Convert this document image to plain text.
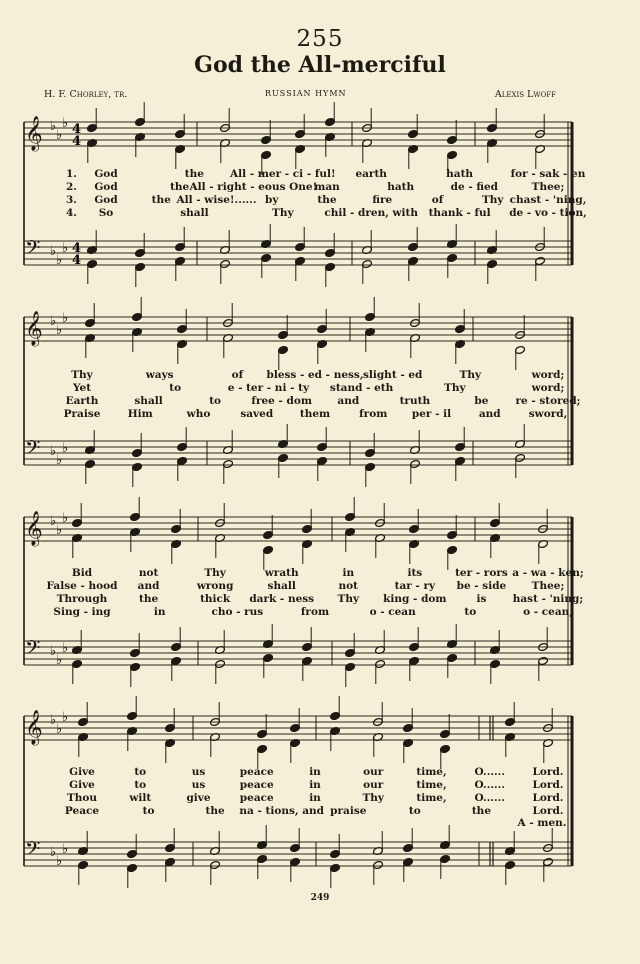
255
God the All-merciful
H. F. Chorley, tr.	RUSSIAN HYMN	Alexis Lwoff
𝄞
𝄢
♭
♭
♭
♭
♭
♭
4
4
4
4
𝄞
𝄢
♭
♭
♭
♭
♭
♭
𝄞
𝄢
♭
♭
♭
♭
♭
♭
𝄞
𝄢
♭
♭
♭
♭
♭
♭
1. God	the All - mer - ci - ful! earth	hath	for - sak - en
2. God	the All - right - eous One!
man	hath	de - fied	Thee;
3. God	the All - wise!...... by	the	fire	of	Thy chast - 'ning,
4. So	shall	Thy	chil - dren, with thank - ful de - vo - tion,
Thy	ways	of bless - ed - ness, slight - ed	Thy	word;
Yet	to	e - ter - ni - ty stand - eth	Thy	word;
Earth	shall	to	free - dom and	truth	be	re - stored;
Praise	Him	who	saved	them	from per - il	and	sword,
Bid	not	Thy	wrath	in	its	ter - rors a - wa - ken;
False - hood and	wrong	shall	not	tar - ry be - side Thee;
Through	the	thick dark - ness Thy king - dom	is	hast - 'ning;
Sing - ing	in	cho - rus	from	o - cean	to	o - cean,
Give	to	us	peace	in	our	time,	O......	Lord.
Give	to	us	peace	in	our	time,	O......	Lord.
Thou	wilt	give	peace	in	Thy	time,	O......	Lord.
Peace	to	the na - tions, and praise	to	the	Lord.
A - men.
249
